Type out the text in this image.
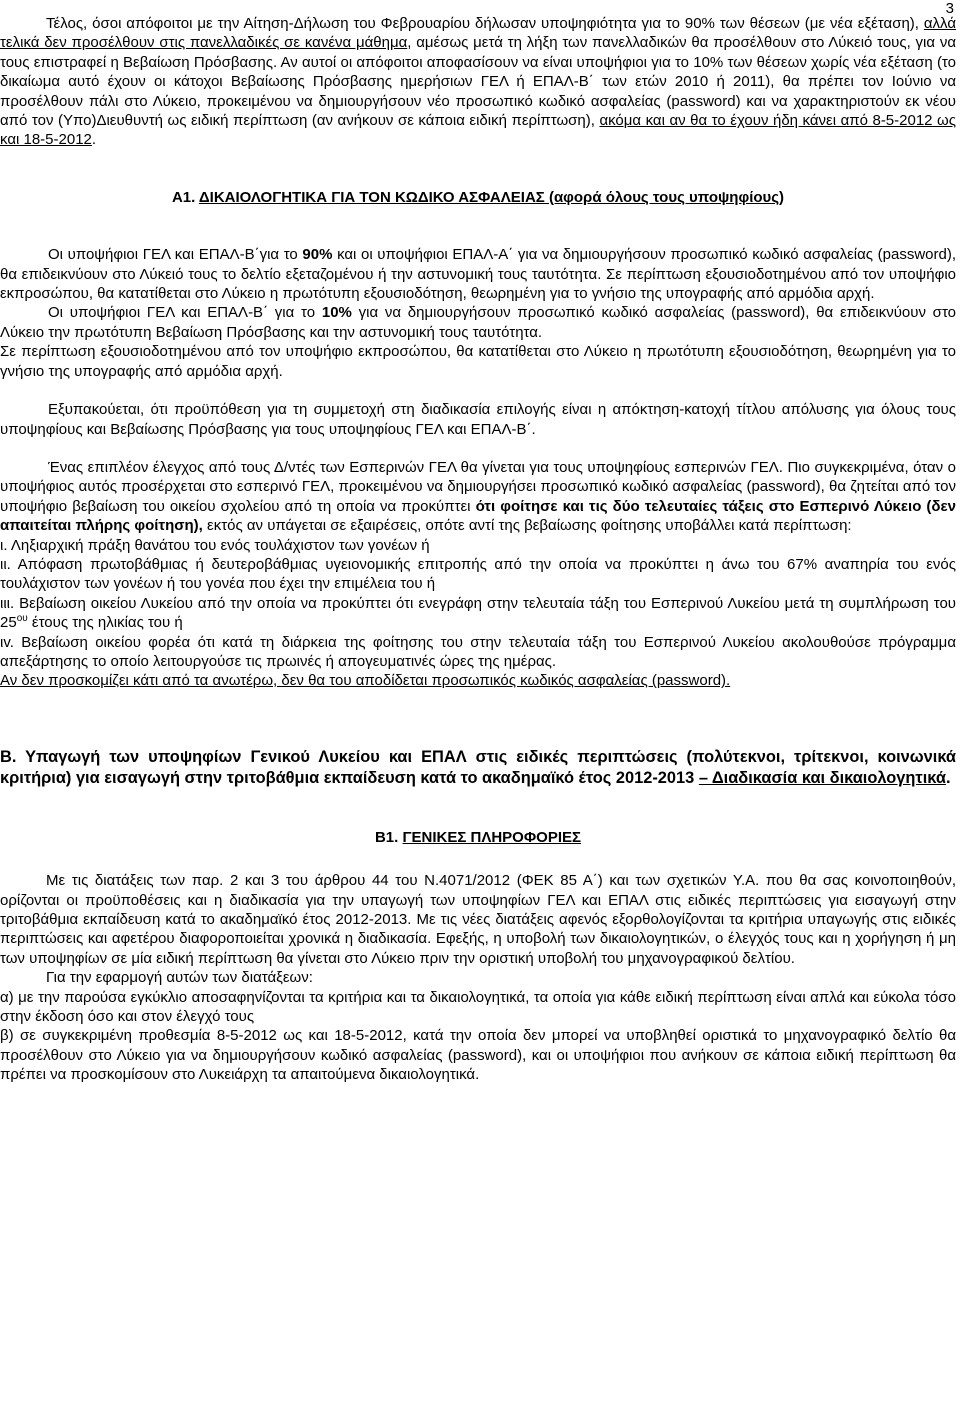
3

Τέλος, όσοι απόφοιτοι με την Αίτηση-Δήλωση του Φεβρουαρίου δήλωσαν υποψηφιότητα για το 90% των θέσεων (με νέα εξέταση), αλλά τελικά δεν προσέλθουν στις πανελλαδικές σε κανένα μάθημα, αμέσως μετά τη λήξη των πανελλαδικών θα προσέλθουν στο Λύκειό τους, για να τους επιστραφεί η Βεβαίωση Πρόσβασης. Αν αυτοί οι απόφοιτοι αποφασίσουν να είναι υποψήφιοι για το 10% των θέσεων χωρίς νέα εξέταση (το δικαίωμα αυτό έχουν οι κάτοχοι Βεβαίωσης Πρόσβασης ημερήσιων ΓΕΛ ή ΕΠΑΛ-Β΄ των ετών 2010 ή 2011), θα πρέπει τον Ιούνιο να προσέλθουν πάλι στο Λύκειο, προκειμένου να δημιουργήσουν νέο προσωπικό κωδικό ασφαλείας (password) και να χαρακτηριστούν εκ νέου από τον (Υπο)Διευθυντή ως ειδική περίπτωση (αν ανήκουν σε κάποια ειδική περίπτωση), ακόμα και αν θα το έχουν ήδη κάνει από 8-5-2012 ως και 18-5-2012.

Α1. ΔΙΚΑΙΟΛΟΓΗΤΙΚΑ ΓΙΑ ΤΟΝ ΚΩΔΙΚΟ ΑΣΦΑΛΕΙΑΣ (αφορά όλους τους υποψηφίους)

Οι υποψήφιοι ΓΕΛ και ΕΠΑΛ-Β΄για το 90% και οι υποψήφιοι ΕΠΑΛ-Α΄ για να δημιουργήσουν προσωπικό κωδικό ασφαλείας (password), θα επιδεικνύουν στο Λύκειό τους το δελτίο εξεταζομένου ή την αστυνομική τους ταυτότητα. Σε περίπτωση εξουσιοδοτημένου από τον υποψήφιο εκπροσώπου, θα κατατίθεται στο Λύκειο η πρωτότυπη εξουσιοδότηση, θεωρημένη για το γνήσιο της υπογραφής από αρμόδια αρχή.

Οι υποψήφιοι ΓΕΛ και ΕΠΑΛ-Β΄ για το 10% για να δημιουργήσουν προσωπικό κωδικό ασφαλείας (password), θα επιδεικνύουν στο Λύκειο την πρωτότυπη Βεβαίωση Πρόσβασης και την αστυνομική τους ταυτότητα.

Σε περίπτωση εξουσιοδοτημένου από τον υποψήφιο εκπροσώπου, θα κατατίθεται στο Λύκειο η πρωτότυπη εξουσιοδότηση, θεωρημένη για το γνήσιο της υπογραφής από αρμόδια αρχή.

Εξυπακούεται, ότι προϋπόθεση για τη συμμετοχή στη διαδικασία επιλογής είναι η απόκτηση-κατοχή τίτλου απόλυσης για όλους τους υποψηφίους και Βεβαίωσης Πρόσβασης για τους υποψηφίους ΓΕΛ και ΕΠΑΛ-Β΄.

Ένας επιπλέον έλεγχος από τους Δ/ντές των Εσπερινών ΓΕΛ θα γίνεται για τους υποψηφίους εσπερινών ΓΕΛ. Πιο συγκεκριμένα, όταν ο υποψήφιος αυτός προσέρχεται στο εσπερινό ΓΕΛ, προκειμένου να δημιουργήσει προσωπικό κωδικό ασφαλείας (password), θα ζητείται από τον υποψήφιο βεβαίωση του οικείου σχολείου από τη οποία να προκύπτει ότι φοίτησε και τις δύο τελευταίες τάξεις στο Εσπερινό Λύκειο (δεν απαιτείται πλήρης φοίτηση), εκτός αν υπάγεται σε εξαιρέσεις, οπότε αντί της βεβαίωσης φοίτησης υποβάλλει κατά περίπτωση:

ι. Ληξιαρχική πράξη θανάτου του ενός τουλάχιστον των γονέων ή

ιι. Απόφαση πρωτοβάθμιας ή δευτεροβάθμιας υγειονομικής επιτροπής από την οποία να προκύπτει η άνω του 67% αναπηρία του ενός τουλάχιστον των γονέων ή του γονέα που έχει την επιμέλεια του ή

ιιι. Βεβαίωση οικείου Λυκείου από την οποία να προκύπτει ότι ενεγράφη στην τελευταία τάξη του Εσπερινού Λυκείου μετά τη συμπλήρωση του $25^{o\upsilon}$ έτους της ηλικίας του ή

ιv. Βεβαίωση οικείου φορέα ότι κατά τη διάρκεια της φοίτησης του στην τελευταία τάξη του Εσπερινού Λυκείου ακολουθούσε πρόγραμμα απεξάρτησης το οποίο λειτουργούσε τις πρωινές ή απογευματινές ώρες της ημέρας.

Αν δεν προσκομίζει κάτι από τα ανωτέρω, δεν θα του αποδίδεται προσωπικός κωδικός ασφαλείας (password).

Β. Υπαγωγή των υποψηφίων Γενικού Λυκείου και ΕΠΑΛ στις ειδικές περιπτώσεις (πολύτεκνοι, τρίτεκνοι, κοινωνικά κριτήρια) για εισαγωγή στην τριτοβάθμια εκπαίδευση κατά το ακαδημαϊκό έτος 2012-2013 – Διαδικασία και δικαιολογητικά.

Β1. ΓΕΝΙΚΕΣ ΠΛΗΡΟΦΟΡΙΕΣ

Με τις διατάξεις των παρ. 2 και 3 του άρθρου 44 του Ν.4071/2012 (ΦΕΚ 85 Α΄) και των σχετικών Υ.Α. που θα σας κοινοποιηθούν, ορίζονται οι προϋποθέσεις και η διαδικασία για την υπαγωγή των υποψηφίων ΓΕΛ και ΕΠΑΛ στις ειδικές περιπτώσεις για εισαγωγή στην τριτοβάθμια εκπαίδευση κατά το ακαδημαϊκό έτος 2012-2013. Με τις νέες διατάξεις αφενός εξορθολογίζονται τα κριτήρια υπαγωγής στις ειδικές περιπτώσεις και αφετέρου διαφοροποιείται χρονικά η διαδικασία. Εφεξής, η υποβολή των δικαιολογητικών, ο έλεγχός τους και η χορήγηση ή μη των υποψηφίων σε μία ειδική περίπτωση θα γίνεται στο Λύκειο πριν την οριστική υποβολή του μηχανογραφικού δελτίου.

Για την εφαρμογή αυτών των διατάξεων:

α) με την παρούσα εγκύκλιο αποσαφηνίζονται τα κριτήρια και τα δικαιολογητικά, τα οποία για κάθε ειδική περίπτωση είναι απλά και εύκολα τόσο στην έκδοση όσο και στον έλεγχό τους

β) σε συγκεκριμένη προθεσμία 8-5-2012 ως και 18-5-2012, κατά την οποία δεν μπορεί να υποβληθεί οριστικά το μηχανογραφικό δελτίο θα προσέλθουν στο Λύκειο για να δημιουργήσουν κωδικό ασφαλείας (password), και οι υποψήφιοι που ανήκουν σε κάποια ειδική περίπτωση θα πρέπει να προσκομίσουν στο Λυκειάρχη τα απαιτούμενα δικαιολογητικά.
